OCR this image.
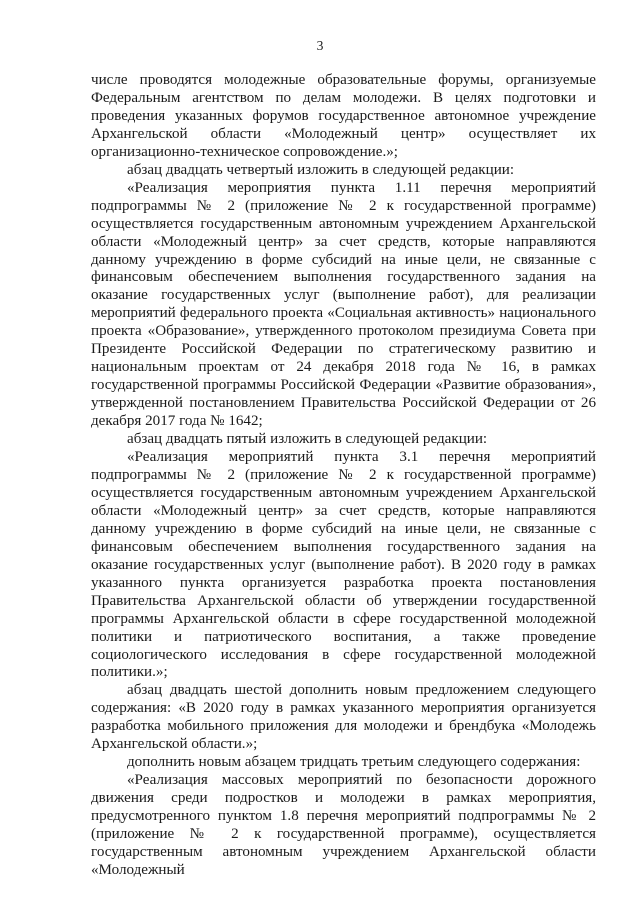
3

числе проводятся молодежные образовательные форумы, организуемые Федеральным агентством по делам молодежи. В целях подготовки и проведения указанных форумов государственное автономное учреждение Архангельской области «Молодежный центр» осуществляет их организационно-техническое сопровождение.»;

абзац двадцать четвертый изложить в следующей редакции:

«Реализация мероприятия пункта 1.11 перечня мероприятий подпрограммы № 2 (приложение № 2 к государственной программе) осуществляется государственным автономным учреждением Архангельской области «Молодежный центр» за счет средств, которые направляются данному учреждению в форме субсидий на иные цели, не связанные с финансовым обеспечением выполнения государственного задания на оказание государственных услуг (выполнение работ), для реализации мероприятий федерального проекта «Социальная активность» национального проекта «Образование», утвержденного протоколом президиума Совета при Президенте Российской Федерации по стратегическому развитию и национальным проектам от 24 декабря 2018 года № 16, в рамках государственной программы Российской Федерации «Развитие образования», утвержденной постановлением Правительства Российской Федерации от 26 декабря 2017 года № 1642;

абзац двадцать пятый изложить в следующей редакции:

«Реализация мероприятий пункта 3.1 перечня мероприятий подпрограммы № 2 (приложение № 2 к государственной программе) осуществляется государственным автономным учреждением Архангельской области «Молодежный центр» за счет средств, которые направляются данному учреждению в форме субсидий на иные цели, не связанные с финансовым обеспечением выполнения государственного задания на оказание государственных услуг (выполнение работ). В 2020 году в рамках указанного пункта организуется разработка проекта постановления Правительства Архангельской области об утверждении государственной программы Архангельской области в сфере государственной молодежной политики и патриотического воспитания, а также проведение социологического исследования в сфере государственной молодежной политики.»;

абзац двадцать шестой дополнить новым предложением следующего содержания: «В 2020 году в рамках указанного мероприятия организуется разработка мобильного приложения для молодежи и брендбука «Молодежь Архангельской области.»;

дополнить новым абзацем тридцать третьим следующего содержания:

«Реализация массовых мероприятий по безопасности дорожного движения среди подростков и молодежи в рамках мероприятия, предусмотренного пунктом 1.8 перечня мероприятий подпрограммы № 2 (приложение № 2 к государственной программе), осуществляется государственным автономным учреждением Архангельской области «Молодежный
